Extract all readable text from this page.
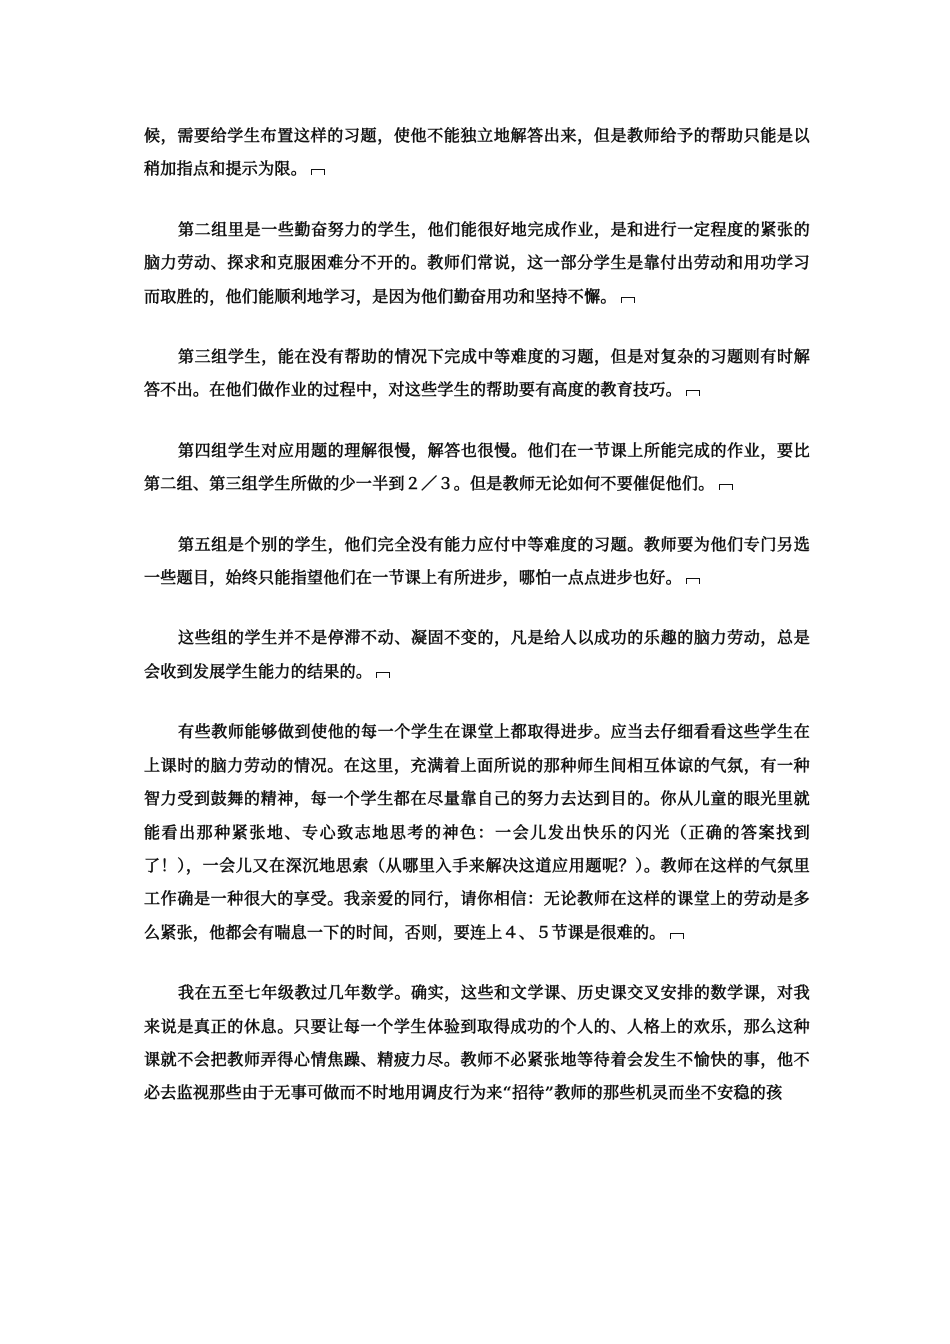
候，需要给学生布置这样的习题，使他不能独立地解答出来，但是教师给予的帮助只能是以稍加指点和提示为限。

第二组里是一些勤奋努力的学生，他们能很好地完成作业，是和进行一定程度的紧张的脑力劳动、探求和克服困难分不开的。教师们常说，这一部分学生是靠付出劳动和用功学习而取胜的，他们能顺利地学习，是因为他们勤奋用功和坚持不懈。

第三组学生，能在没有帮助的情况下完成中等难度的习题，但是对复杂的习题则有时解答不出。在他们做作业的过程中，对这些学生的帮助要有高度的教育技巧。

第四组学生对应用题的理解很慢，解答也很慢。他们在一节课上所能完成的作业，要比第二组、第三组学生所做的少一半到２／３。但是教师无论如何不要催促他们。

第五组是个别的学生，他们完全没有能力应付中等难度的习题。教师要为他们专门另选一些题目，始终只能指望他们在一节课上有所进步，哪怕一点点进步也好。

这些组的学生并不是停滞不动、凝固不变的，凡是给人以成功的乐趣的脑力劳动，总是会收到发展学生能力的结果的。

有些教师能够做到使他的每一个学生在课堂上都取得进步。应当去仔细看看这些学生在上课时的脑力劳动的情况。在这里，充满着上面所说的那种师生间相互体谅的气氛，有一种智力受到鼓舞的精神，每一个学生都在尽量靠自己的努力去达到目的。你从儿童的眼光里就能看出那种紧张地、专心致志地思考的神色：一会儿发出快乐的闪光（正确的答案找到了！），一会儿又在深沉地思索（从哪里入手来解决这道应用题呢？）。教师在这样的气氛里工作确是一种很大的享受。我亲爱的同行，请你相信：无论教师在这样的课堂上的劳动是多么紧张，他都会有喘息一下的时间，否则，要连上４、５节课是很难的。

我在五至七年级教过几年数学。确实，这些和文学课、历史课交叉安排的数学课，对我来说是真正的休息。只要让每一个学生体验到取得成功的个人的、人格上的欢乐，那么这种课就不会把教师弄得心情焦躁、精疲力尽。教师不必紧张地等待着会发生不愉快的事，他不必去监视那些由于无事可做而不时地用调皮行为来“招待”教师的那些机灵而坐不安稳的孩
